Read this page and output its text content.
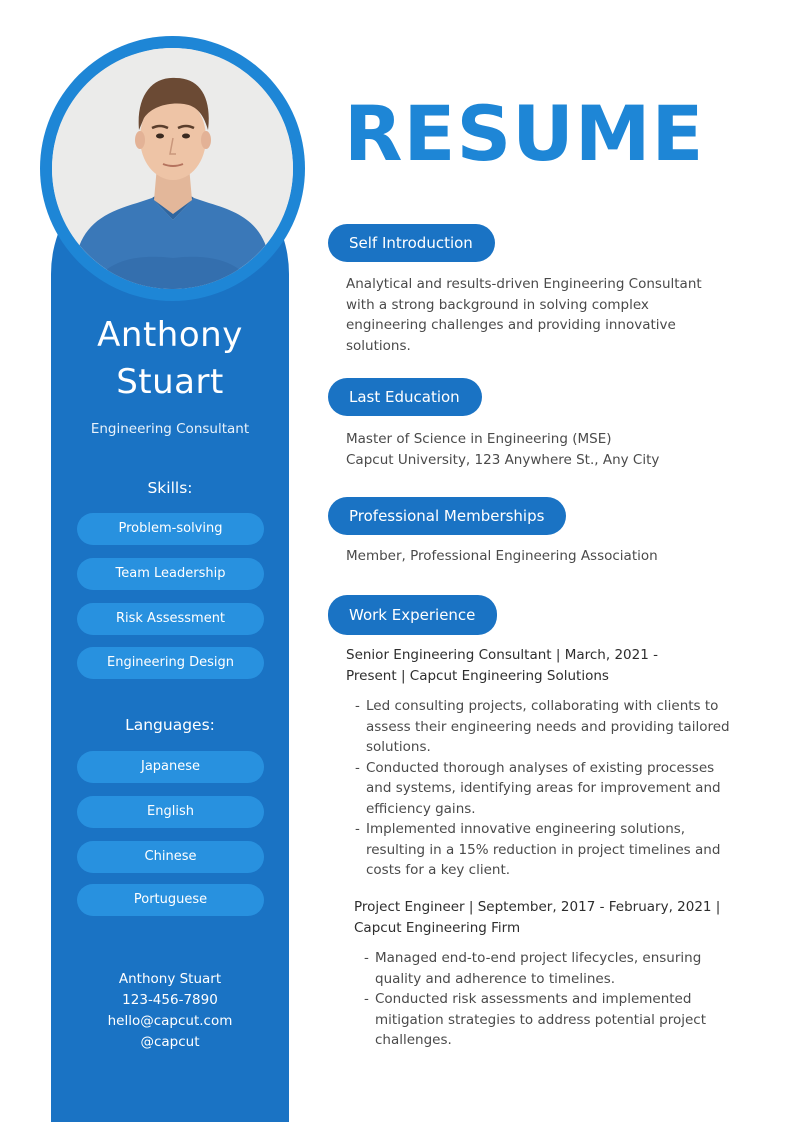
Anthony
Stuart
Engineering Consultant
Skills:
Problem-solving
Team Leadership
Risk Assessment
Engineering Design
Languages:
Japanese
English
Chinese
Portuguese
Anthony Stuart
123-456-7890
hello@capcut.com
@capcut
RESUME
Self Introduction
Analytical and results-driven Engineering Consultant with a strong background in solving complex engineering challenges and providing innovative solutions.
Last Education
Master of Science in Engineering (MSE)
Capcut University, 123 Anywhere St., Any City
Professional Memberships
Member, Professional Engineering Association
Work Experience
Senior Engineering Consultant | March, 2021 - Present | Capcut Engineering Solutions
- Led consulting projects, collaborating with clients to assess their engineering needs and providing tailored solutions.
- Conducted thorough analyses of existing processes and systems, identifying areas for improvement and efficiency gains.
- Implemented innovative engineering solutions, resulting in a 15% reduction in project timelines and costs for a key client.
Project Engineer | September, 2017 - February, 2021 | Capcut Engineering Firm
- Managed end-to-end project lifecycles, ensuring quality and adherence to timelines.
- Conducted risk assessments and implemented mitigation strategies to address potential project challenges.
